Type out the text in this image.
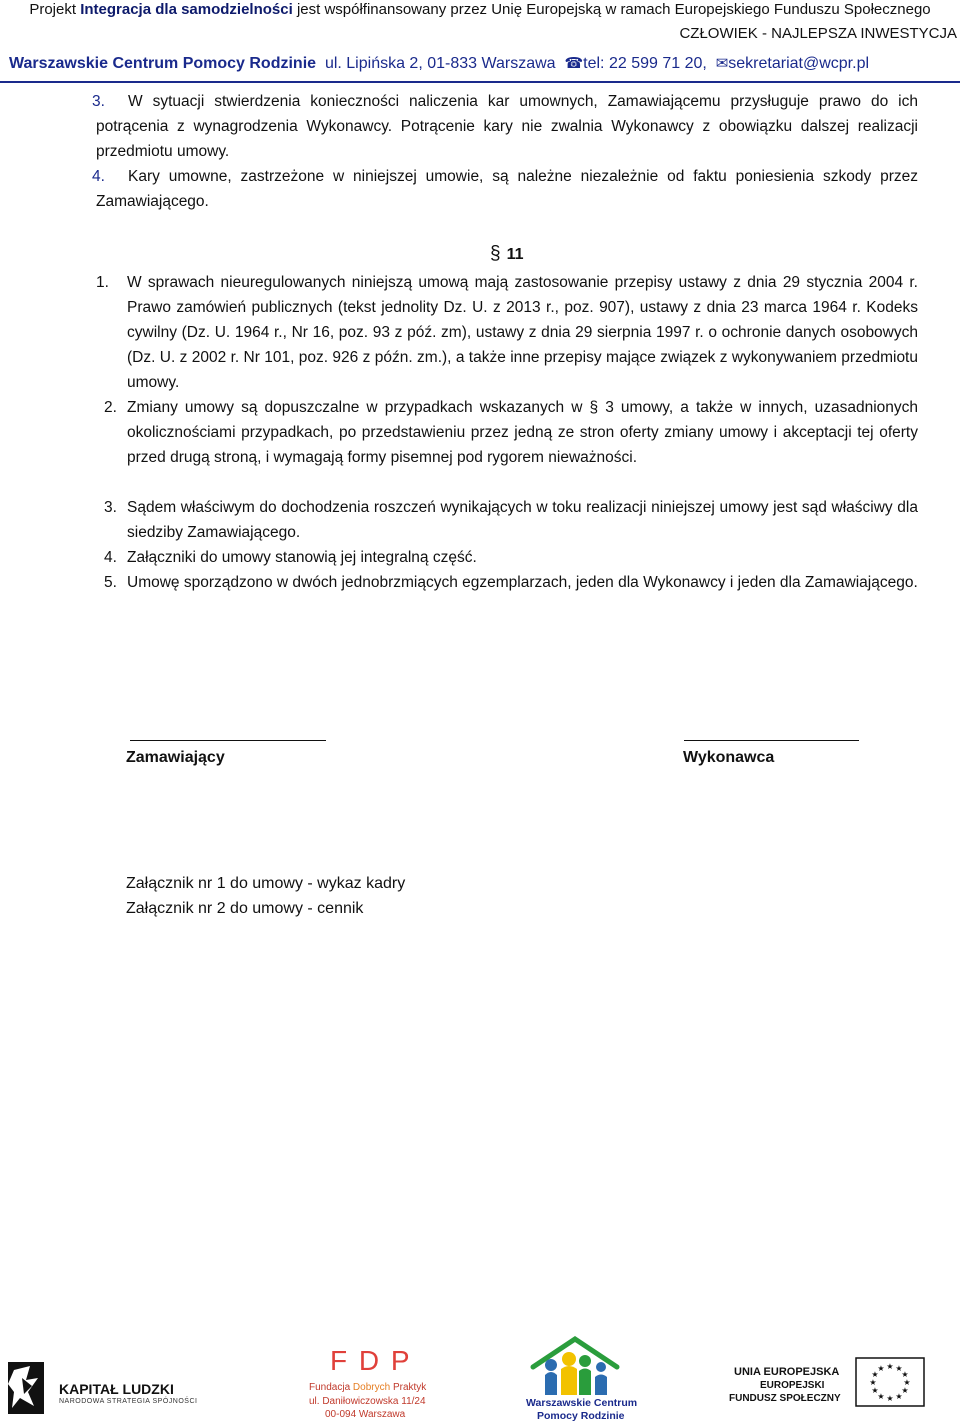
Projekt Integracja dla samodzielności jest współfinansowany przez Unię Europejską w ramach Europejskiego Funduszu Społecznego
CZŁOWIEK - NAJLEPSZA INWESTYCJA
Warszawskie Centrum Pomocy Rodzinie ul. Lipińska 2, 01-833 Warszawa ☎tel: 22 599 71 20, ✉sekretariat@wcpr.pl
3.	W sytuacji stwierdzenia konieczności naliczenia kar umownych, Zamawiającemu przysługuje prawo do ich potrącenia z wynagrodzenia Wykonawcy. Potrącenie kary nie zwalnia Wykonawcy z obowiązku dalszej realizacji przedmiotu umowy.
4.	Kary umowne, zastrzeżone w niniejszej umowie, są należne niezależnie od faktu poniesienia szkody przez Zamawiającego.
§ 11
1. W sprawach nieuregulowanych niniejszą umową mają zastosowanie przepisy ustawy z dnia 29 stycznia 2004 r. Prawo zamówień publicznych (tekst jednolity Dz. U. z 2013 r., poz. 907), ustawy z dnia 23 marca 1964 r. Kodeks cywilny (Dz. U. 1964 r., Nr 16, poz. 93 z póź. zm), ustawy z dnia 29 sierpnia 1997 r. o ochronie danych osobowych (Dz. U. z 2002 r. Nr 101, poz. 926 z późn. zm.), a także inne przepisy mające związek z wykonywaniem przedmiotu umowy.
2. Zmiany umowy są dopuszczalne w przypadkach wskazanych w § 3 umowy, a także w innych, uzasadnionych okolicznościami przypadkach, po przedstawieniu przez jedną ze stron oferty zmiany umowy i akceptacji tej oferty przed drugą stroną, i wymagają formy pisemnej pod rygorem nieważności.
3. Sądem właściwym do dochodzenia roszczeń wynikających w toku realizacji niniejszej umowy jest sąd właściwy dla siedziby Zamawiającego.
4. Załączniki do umowy stanowią jej integralną część.
5. Umowę sporządzono w dwóch jednobrzmiących egzemplarzach, jeden dla Wykonawcy i jeden dla Zamawiającego.
Zamawiający	Wykonawca
Załącznik nr 1 do umowy - wykaz kadry
Załącznik nr 2 do umowy - cennik
KAPITAŁ LUDZKI
NARODOWA STRATEGIA SPÓJNOŚCI
F D P
Fundacja Dobrych Praktyk
ul. Daniłowiczowska 11/24
00-094 Warszawa
Warszawskie Centrum
Pomocy Rodzinie
UNIA EUROPEJSKA
EUROPEJSKI
FUNDUSZ SPOŁECZNY
★ ★
★
★
★
★
★
★
★
★
★
★
